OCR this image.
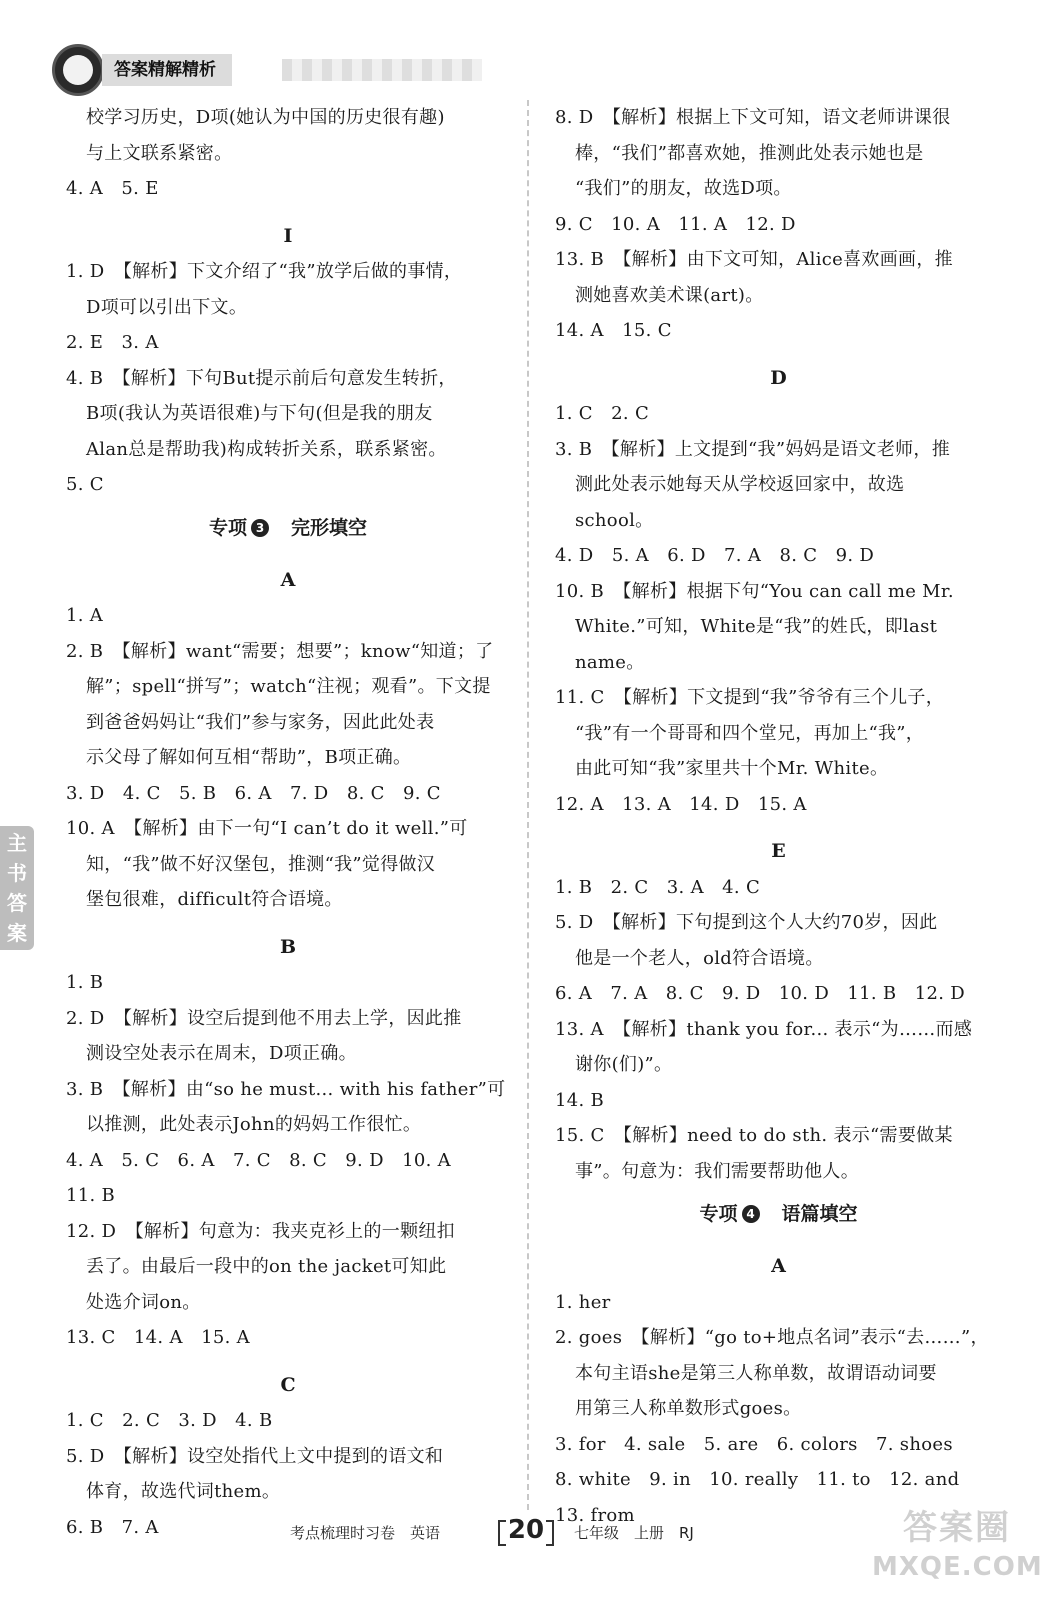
答案精解精析
校学习历史，D项(她认为中国的历史很有趣)
与上文联系紧密。
4. A　5. E
I
1. D　【解析】下文介绍了“我”放学后做的事情，
D项可以引出下文。
2. E　3. A
4. B　【解析】下句But提示前后句意发生转折，
B项(我认为英语很难)与下句(但是我的朋友
Alan总是帮助我)构成转折关系，联系紧密。
5. C
专项 3 完形填空
A
1. A
2. B　【解析】want“需要；想要”；know“知道；了
解”；spell“拼写”；watch“注视；观看”。下文提
到爸爸妈妈让“我们”参与家务，因此此处表
示父母了解如何互相“帮助”，B项正确。
3. D　4. C　5. B　6. A　7. D　8. C　9. C
10. A　【解析】由下一句“I can’t do it well.”可
知，“我”做不好汉堡包，推测“我”觉得做汉
堡包很难，difficult符合语境。
B
1. B
2. D　【解析】设空后提到他不用去上学，因此推
测设空处表示在周末，D项正确。
3. B　【解析】由“so he must... with his father”可
以推测，此处表示John的妈妈工作很忙。
4. A　5. C　6. A　7. C　8. C　9. D　10. A
11. B
12. D　【解析】句意为：我夹克衫上的一颗纽扣
丢了。由最后一段中的on the jacket可知此
处选介词on。
13. C　14. A　15. A
C
1. C　2. C　3. D　4. B
5. D　【解析】设空处指代上文中提到的语文和
体育，故选代词them。
6. B　7. A
8. D　【解析】根据上下文可知，语文老师讲课很
棒，“我们”都喜欢她，推测此处表示她也是
“我们”的朋友，故选D项。
9. C　10. A　11. A　12. D
13. B　【解析】由下文可知，Alice喜欢画画，推
测她喜欢美术课(art)。
14. A　15. C
D
1. C　2. C
3. B　【解析】上文提到“我”妈妈是语文老师，推
测此处表示她每天从学校返回家中，故选
school。
4. D　5. A　6. D　7. A　8. C　9. D
10. B　【解析】根据下句“You can call me Mr.
White.”可知，White是“我”的姓氏，即last
name。
11. C　【解析】下文提到“我”爷爷有三个儿子，
“我”有一个哥哥和四个堂兄，再加上“我”，
由此可知“我”家里共十个Mr. White。
12. A　13. A　14. D　15. A
E
1. B　2. C　3. A　4. C
5. D　【解析】下句提到这个人大约70岁，因此
他是一个老人，old符合语境。
6. A　7. A　8. C　9. D　10. D　11. B　12. D
13. A　【解析】thank you for... 表示“为……而感
谢你(们)”。
14. B
15. C　【解析】need to do sth. 表示“需要做某
事”。句意为：我们需要帮助他人。
专项 4 语篇填空
A
1. her
2. goes　【解析】“go to+地点名词”表示“去……”，
本句主语she是第三人称单数，故谓语动词要
用第三人称单数形式goes。
3. for　4. sale　5. are　6. colors　7. shoes
8. white　9. in　10. really　11. to　12. and
13. from
主书答案
考点梳理时习卷　英语	20	七年级　上册　RJ	答案圈
MXQE.COM
